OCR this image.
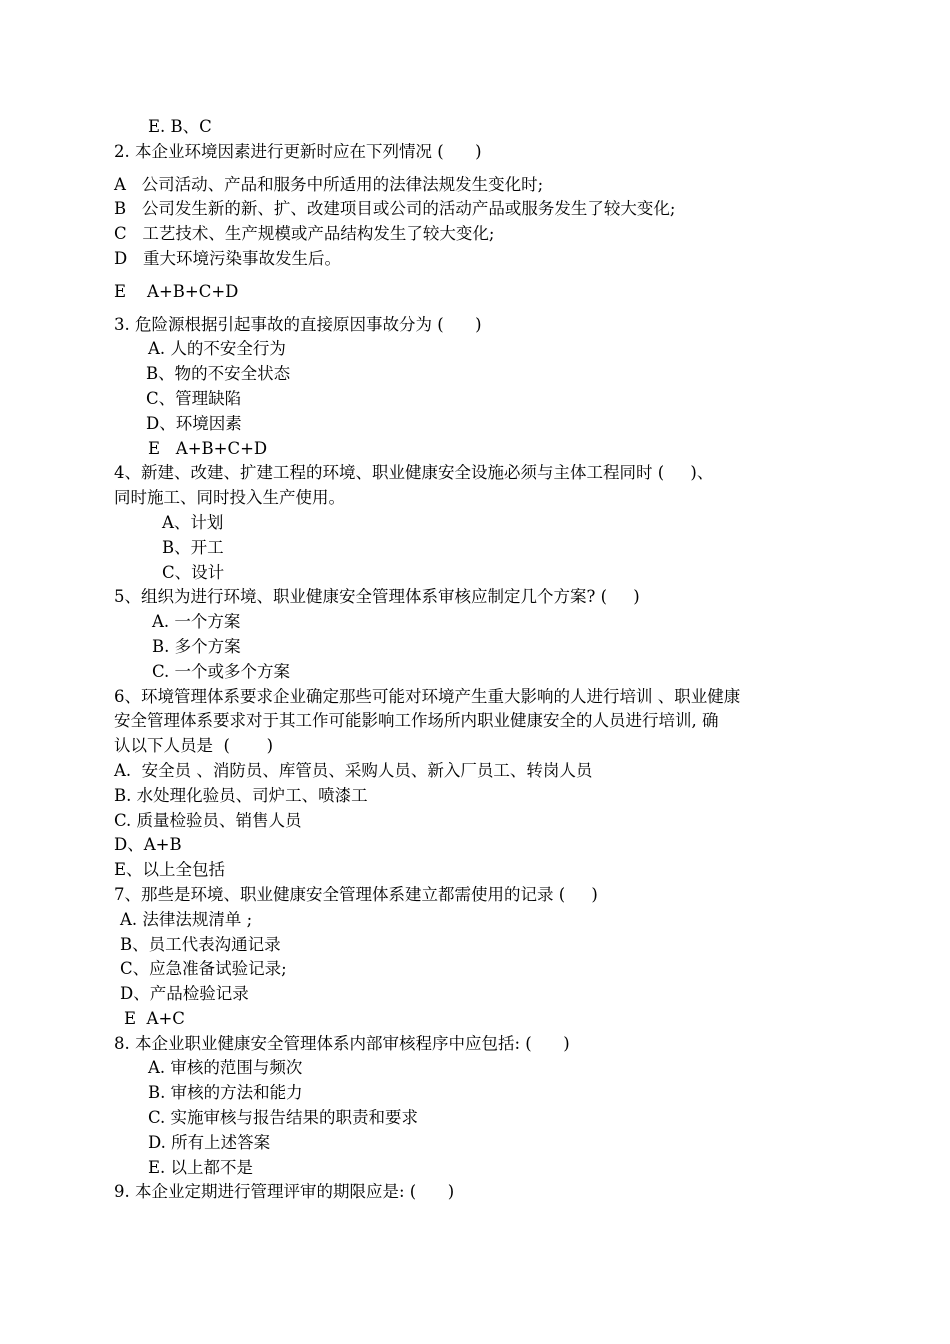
E. B、C
2. 本企业环境因素进行更新时应在下列情况 (      )
A   公司活动、产品和服务中所适用的法律法规发生变化时;
B   公司发生新的新、扩、改建项目或公司的活动产品或服务发生了较大变化;
C   工艺技术、生产规模或产品结构发生了较大变化;
D   重大环境污染事故发生后。
E    A+B+C+D
3. 危险源根据引起事故的直接原因事故分为 (      )
A. 人的不安全行为
B、物的不安全状态
C、管理缺陷
D、环境因素
E   A+B+C+D
4、新建、改建、扩建工程的环境、职业健康安全设施必须与主体工程同时 (     )、
同时施工、同时投入生产使用。
A、计划
B、开工
C、设计
5、组织为进行环境、职业健康安全管理体系审核应制定几个方案? (     )
A. 一个方案
B. 多个方案
C. 一个或多个方案
6、环境管理体系要求企业确定那些可能对环境产生重大影响的人进行培训 、职业健康
安全管理体系要求对于其工作可能影响工作场所内职业健康安全的人员进行培训, 确
认以下人员是  (       )
A.  安全员 、消防员、库管员、采购人员、新入厂员工、转岗人员
B. 水处理化验员、司炉工、喷漆工
C. 质量检验员、销售人员
D、A+B
E、以上全包括
7、那些是环境、职业健康安全管理体系建立都需使用的记录 (     )
A. 法律法规清单 ;
B、员工代表沟通记录
C、应急准备试验记录;
D、产品检验记录
E  A+C
8. 本企业职业健康安全管理体系内部审核程序中应包括: (      )
A. 审核的范围与频次
B. 审核的方法和能力
C. 实施审核与报告结果的职责和要求
D. 所有上述答案
E. 以上都不是
9. 本企业定期进行管理评审的期限应是: (      )
